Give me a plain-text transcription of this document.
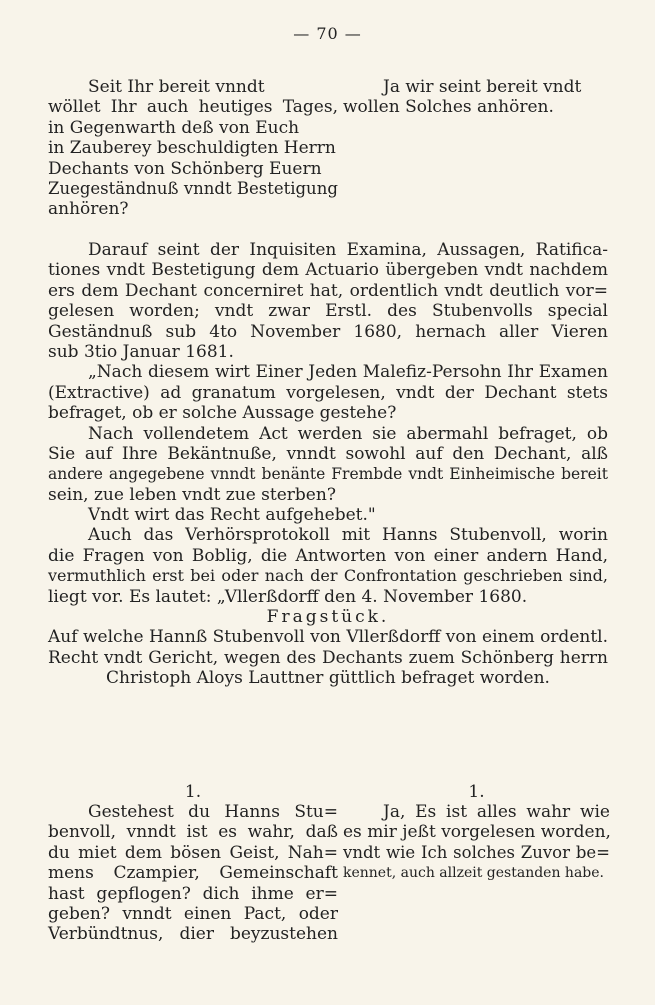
— 70 —
Seit Ihr bereit vnndt
wöllet Ihr auch heutiges Tages,
in Gegenwarth deß von Euch
in Zauberey beschuldigten Herrn
Dechants von Schönberg Euern
Zuegeständnuß vnndt Bestetigung
anhören?
Ja wir seint bereit vndt
wollen Solches anhören.
Darauf seint der Inquisiten Examina, Aussagen, Ratifica-
tiones vndt Bestetigung dem Actuario übergeben vndt nachdem
ers dem Dechant concerniret hat, ordentlich vndt deutlich vor=
gelesen worden; vndt zwar Erstl. des Stubenvolls special
Geständnuß sub 4to November 1680, hernach aller Vieren
sub 3tio Januar 1681.
„Nach diesem wirt Einer Jeden Malefiz-Persohn Ihr Examen
(Extractive) ad granatum vorgelesen, vndt der Dechant stets
befraget, ob er solche Aussage gestehe?
Nach vollendetem Act werden sie abermahl befraget, ob
Sie auf Ihre Bekäntnuße, vnndt sowohl auf den Dechant, alß
andere angegebene vnndt benänte Frembde vndt Einheimische bereit
sein, zue leben vndt zue sterben?
Vndt wirt das Recht aufgehebet."
Auch das Verhörsprotokoll mit Hanns Stubenvoll, worin
die Fragen von Boblig, die Antworten von einer andern Hand,
vermuthlich erst bei oder nach der Confrontation geschrieben sind,
liegt vor. Es lautet: „Vllerßdorff den 4. November 1680.
Fragstück.
Auf welche Hannß Stubenvoll von Vllerßdorff von einem ordentl.
Recht vndt Gericht, wegen des Dechants zuem Schönberg herrn
Christoph Aloys Lauttner güttlich befraget worden.
1.	1.
Gestehest du Hanns Stu=
benvoll, vnndt ist es wahr, daß
du miet dem bösen Geist, Nah=
mens Czampier, Gemeinschaft
hast gepflogen? dich ihme er=
geben? vnndt einen Pact, oder
Verbündtnus, dier beyzustehen
Ja, Es ist alles wahr wie
es mir jeßt vorgelesen worden,
vndt wie Ich solches Zuvor be=
kennet, auch allzeit gestanden habe.
